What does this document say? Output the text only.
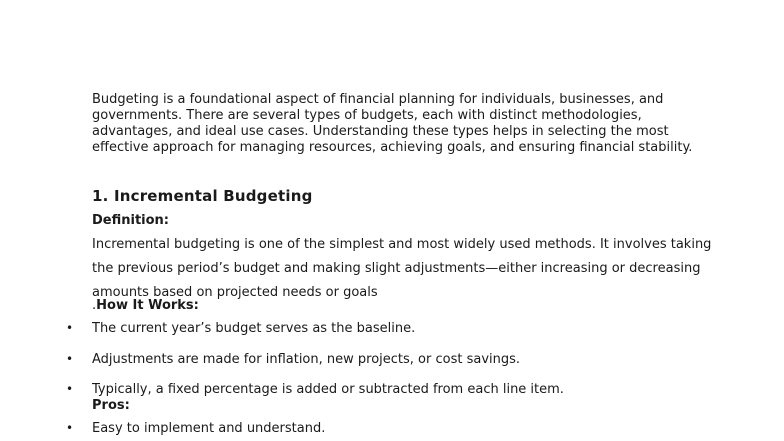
Budgeting is a foundational aspect of financial planning for individuals, businesses, and governments. There are several types of budgets, each with distinct methodologies, advantages, and ideal use cases. Understanding these types helps in selecting the most effective approach for managing resources, achieving goals, and ensuring financial stability.

1. Incremental Budgeting

Definition:

Incremental budgeting is one of the simplest and most widely used methods. It involves taking the previous period’s budget and making slight adjustments—either increasing or decreasing amounts based on projected needs or goals

.How It Works:

• The current year’s budget serves as the baseline.
• Adjustments are made for inflation, new projects, or cost savings.
• Typically, a fixed percentage is added or subtracted from each line item.

Pros:

• Easy to implement and understand.
